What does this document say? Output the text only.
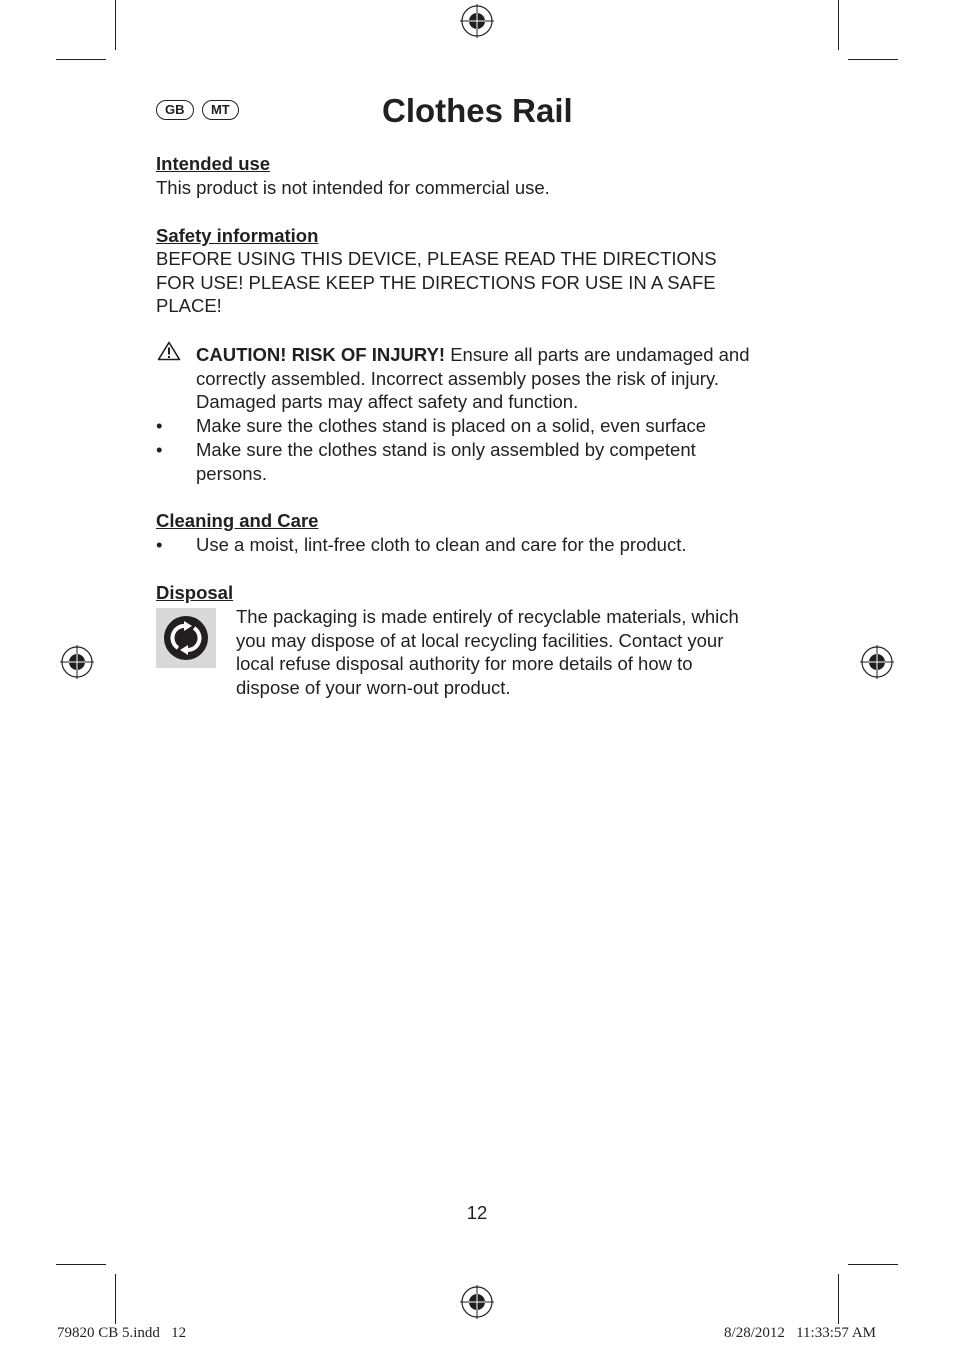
GB MT	Clothes Rail
Intended use
This product is not intended for commercial use.
Safety information
BEFORE USING THIS DEVICE, PLEASE READ THE DIRECTIONS
FOR USE! PLEASE KEEP THE DIRECTIONS FOR USE IN A SAFE
PLACE!
CAUTION! RISK OF INJURY! Ensure all parts are undamaged and
correctly assembled. Incorrect assembly poses the risk of injury.
Damaged parts may affect safety and function.
• Make sure the clothes stand is placed on a solid, even surface
• Make sure the clothes stand is only assembled by competent
persons.
Cleaning and Care
• Use a moist, lint-free cloth to clean and care for the product.
Disposal
The packaging is made entirely of recyclable materials, which
you may dispose of at local recycling facilities. Contact your
local refuse disposal authority for more details of how to
dispose of your worn-out product.
12
79820 CB 5.indd   12	8/28/2012   11:33:57 AM
